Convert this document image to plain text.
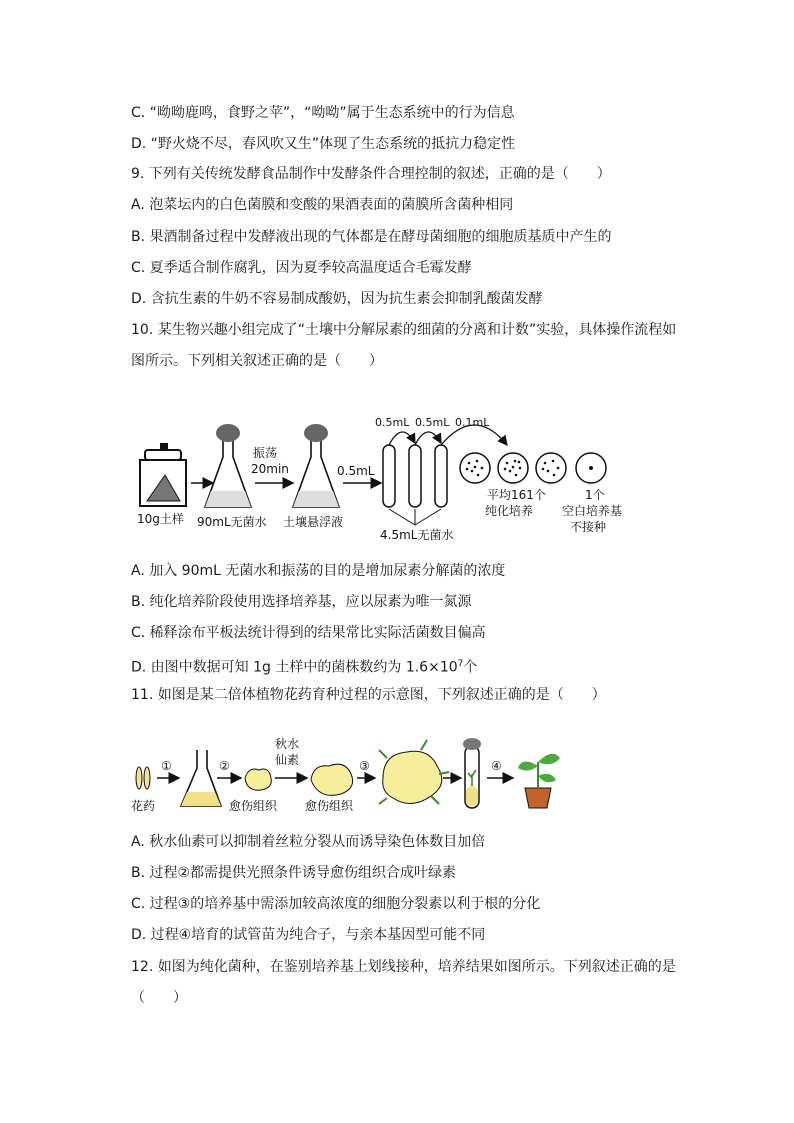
C. “呦呦鹿鸣，食野之苹”，“呦呦”属于生态系统中的行为信息
D. “野火烧不尽，春风吹又生”体现了生态系统的抵抗力稳定性
9. 下列有关传统发酵食品制作中发酵条件合理控制的叙述，正确的是（　　）
A. 泡菜坛内的白色菌膜和变酸的果酒表面的菌膜所含菌种相同
B. 果酒制备过程中发酵液出现的气体都是在酵母菌细胞的细胞质基质中产生的
C. 夏季适合制作腐乳，因为夏季较高温度适合毛霉发酵
D. 含抗生素的牛奶不容易制成酸奶，因为抗生素会抑制乳酸菌发酵
10. 某生物兴趣小组完成了“土壤中分解尿素的细菌的分离和计数”实验，具体操作流程如
图所示。下列相关叙述正确的是（　　）
10g土样 90mL无菌水
振荡
20min
土壤悬浮液
0.5mL
0.5mL 0.5mL 0.1mL
4.5mL无菌水
平均161个
纯化培养
1个
空白培养基
不接种
A. 加入 90mL 无菌水和振荡的目的是增加尿素分解菌的浓度
B. 纯化培养阶段使用选择培养基，应以尿素为唯一氮源
C. 稀释涂布平板法统计得到的结果常比实际活菌数目偏高
D. 由图中数据可知 1g 土样中的菌株数约为 $1.6\times 10^7$个
11. 如图是某二倍体植物花药育种过程的示意图，下列叙述正确的是（　　）
花药
①	②
愈伤组织
秋水
仙素
愈伤组织
③	④
A. 秋水仙素可以抑制着丝粒分裂从而诱导染色体数目加倍
B. 过程②都需提供光照条件诱导愈伤组织合成叶绿素
C. 过程③的培养基中需添加较高浓度的细胞分裂素以利于根的分化
D. 过程④培育的试管苗为纯合子，与亲本基因型可能不同
12. 如图为纯化菌种，在鉴别培养基上划线接种，培养结果如图所示。下列叙述正确的是
（　　）
